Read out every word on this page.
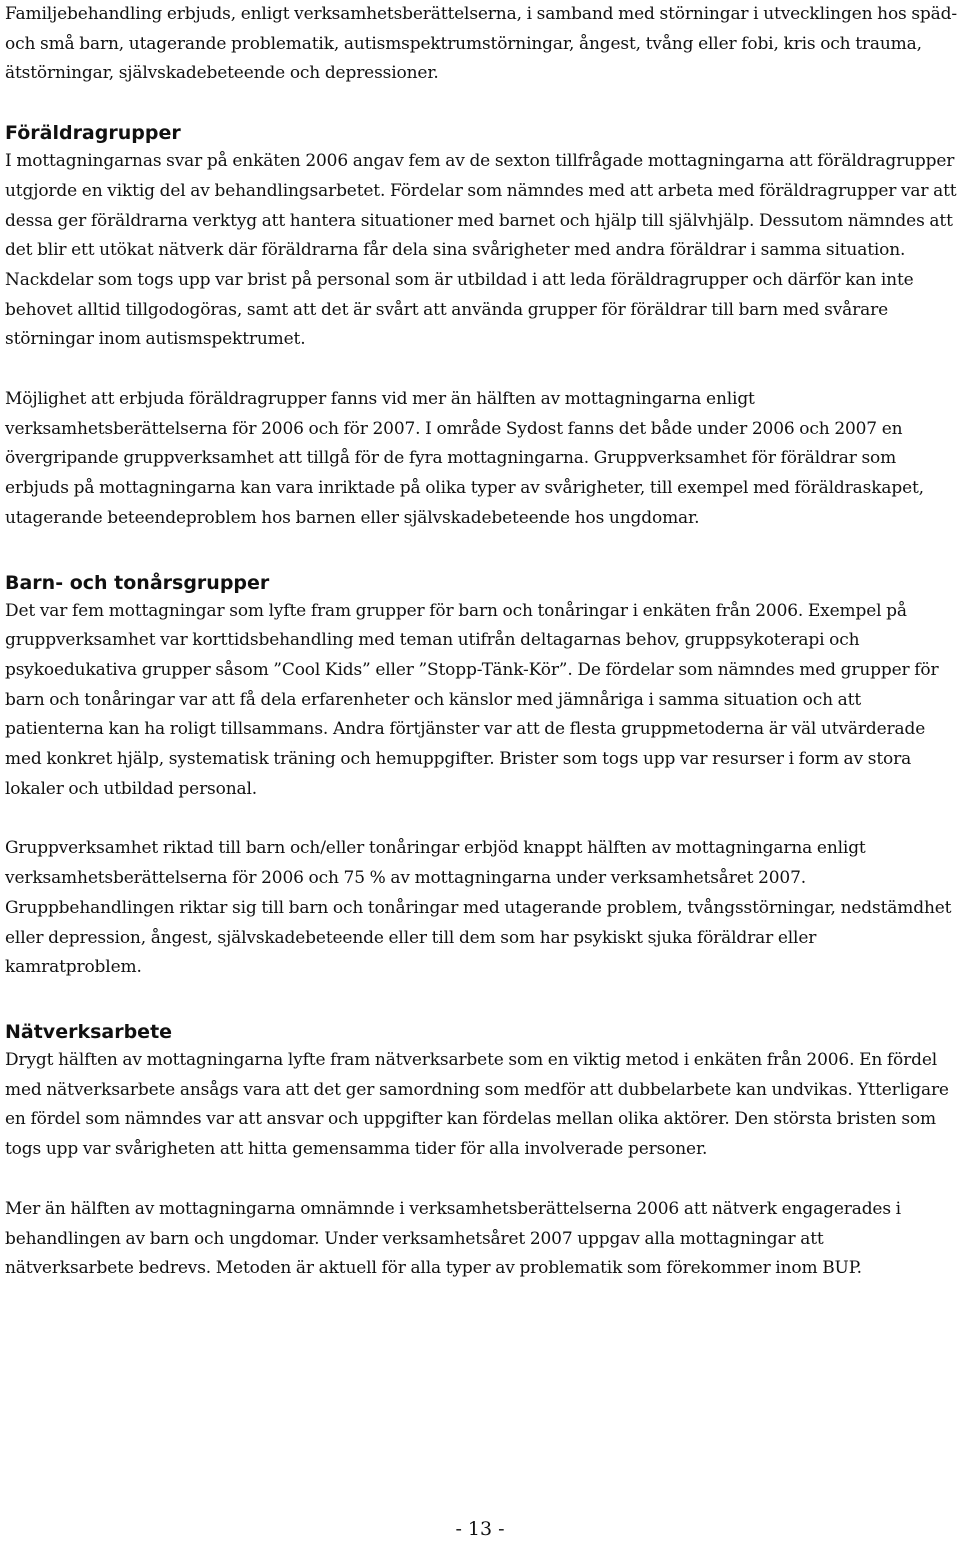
Familjebehandling erbjuds, enligt verksamhetsberättelserna, i samband med störningar i utvecklingen hos späd- och små barn, utagerande problematik, autismspektrumstörningar, ångest, tvång eller fobi, kris och trauma, ätstörningar, självskadebeteende och depressioner.

Föräldragrupper

I mottagningarnas svar på enkäten 2006 angav fem av de sexton tillfrågade mottagningarna att föräldragrupper utgjorde en viktig del av behandlingsarbetet. Fördelar som nämndes med att arbeta med föräldragrupper var att dessa ger föräldrarna verktyg att hantera situationer med barnet och hjälp till självhjälp. Dessutom nämndes att det blir ett utökat nätverk där föräldrarna får dela sina svårigheter med andra föräldrar i samma situation. Nackdelar som togs upp var brist på personal som är utbildad i att leda föräldragrupper och därför kan inte behovet alltid tillgodogöras, samt att det är svårt att använda grupper för föräldrar till barn med svårare störningar inom autismspektrumet.

Möjlighet att erbjuda föräldragrupper fanns vid mer än hälften av mottagningarna enligt verksamhetsberättelserna för 2006 och för 2007. I område Sydost fanns det både under 2006 och 2007 en övergripande gruppverksamhet att tillgå för de fyra mottagningarna. Gruppverksamhet för föräldrar som erbjuds på mottagningarna kan vara inriktade på olika typer av svårigheter, till exempel med föräldraskapet, utagerande beteendeproblem hos barnen eller självskadebeteende hos ungdomar.

Barn- och tonårsgrupper

Det var fem mottagningar som lyfte fram grupper för barn och tonåringar i enkäten från 2006. Exempel på gruppverksamhet var korttidsbehandling med teman utifrån deltagarnas behov, gruppsykoterapi och psykoedukativa grupper såsom ”Cool Kids” eller ”Stopp-Tänk-Kör”. De fördelar som nämndes med grupper för barn och tonåringar var att få dela erfarenheter och känslor med jämnåriga i samma situation och att patienterna kan ha roligt tillsammans. Andra förtjänster var att de flesta gruppmetoderna är väl utvärderade med konkret hjälp, systematisk träning och hemuppgifter. Brister som togs upp var resurser i form av stora lokaler och utbildad personal.

Gruppverksamhet riktad till barn och/eller tonåringar erbjöd knappt hälften av mottagningarna enligt verksamhetsberättelserna för 2006 och 75 % av mottagningarna under verksamhetsåret 2007. Gruppbehandlingen riktar sig till barn och tonåringar med utagerande problem, tvångsstörningar, nedstämdhet eller depression, ångest, självskadebeteende eller till dem som har psykiskt sjuka föräldrar eller kamratproblem.

Nätverksarbete

Drygt hälften av mottagningarna lyfte fram nätverksarbete som en viktig metod i enkäten från 2006. En fördel med nätverksarbete ansågs vara att det ger samordning som medför att dubbelarbete kan undvikas. Ytterligare en fördel som nämndes var att ansvar och uppgifter kan fördelas mellan olika aktörer. Den största bristen som togs upp var svårigheten att hitta gemensamma tider för alla involverade personer.

Mer än hälften av mottagningarna omnämnde i verksamhetsberättelserna 2006 att nätverk engagerades i behandlingen av barn och ungdomar. Under verksamhetsåret 2007 uppgav alla mottagningar att nätverksarbete bedrevs. Metoden är aktuell för alla typer av problematik som förekommer inom BUP.

- 13 -
